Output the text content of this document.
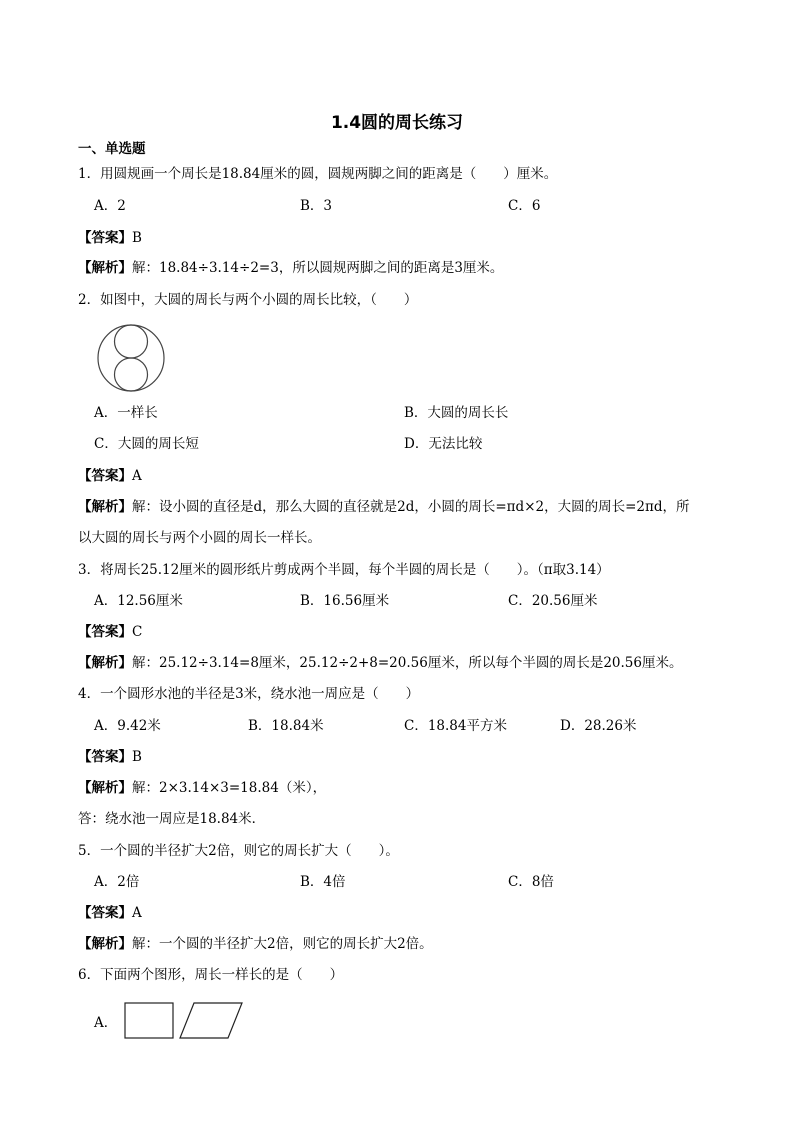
1.4圆的周长练习
一、单选题
1．用圆规画一个周长是18.84厘米的圆，圆规两脚之间的距离是（　　）厘米。
A．2	B．3	C．6
【答案】B
【解析】解：18.84÷3.14÷2=3，所以圆规两脚之间的距离是3厘米。
2．如图中，大圆的周长与两个小圆的周长比较，（　　）
A．一样长	B．大圆的周长长
C．大圆的周长短	D．无法比较
【答案】A
【解析】解：设小圆的直径是d，那么大圆的直径就是2d，小圆的周长=πd×2，大圆的周长=2πd，所
以大圆的周长与两个小圆的周长一样长。
3．将周长25.12厘米的圆形纸片剪成两个半圆，每个半圆的周长是（　　）。（π取3.14）
A．12.56厘米	B．16.56厘米	C．20.56厘米
【答案】C
【解析】解：25.12÷3.14=8厘米，25.12÷2+8=20.56厘米，所以每个半圆的周长是20.56厘米。
4．一个圆形水池的半径是3米，绕水池一周应是（　　）
A．9.42米	B．18.84米	C．18.84平方米	D．28.26米
【答案】B
【解析】解：2×3.14×3=18.84（米），
答：绕水池一周应是18.84米．
5．一个圆的半径扩大2倍，则它的周长扩大（　　）。
A．2倍	B．4倍	C．8倍
【答案】A
【解析】解：一个圆的半径扩大2倍，则它的周长扩大2倍。
6．下面两个图形，周长一样长的是（　　）
A．
